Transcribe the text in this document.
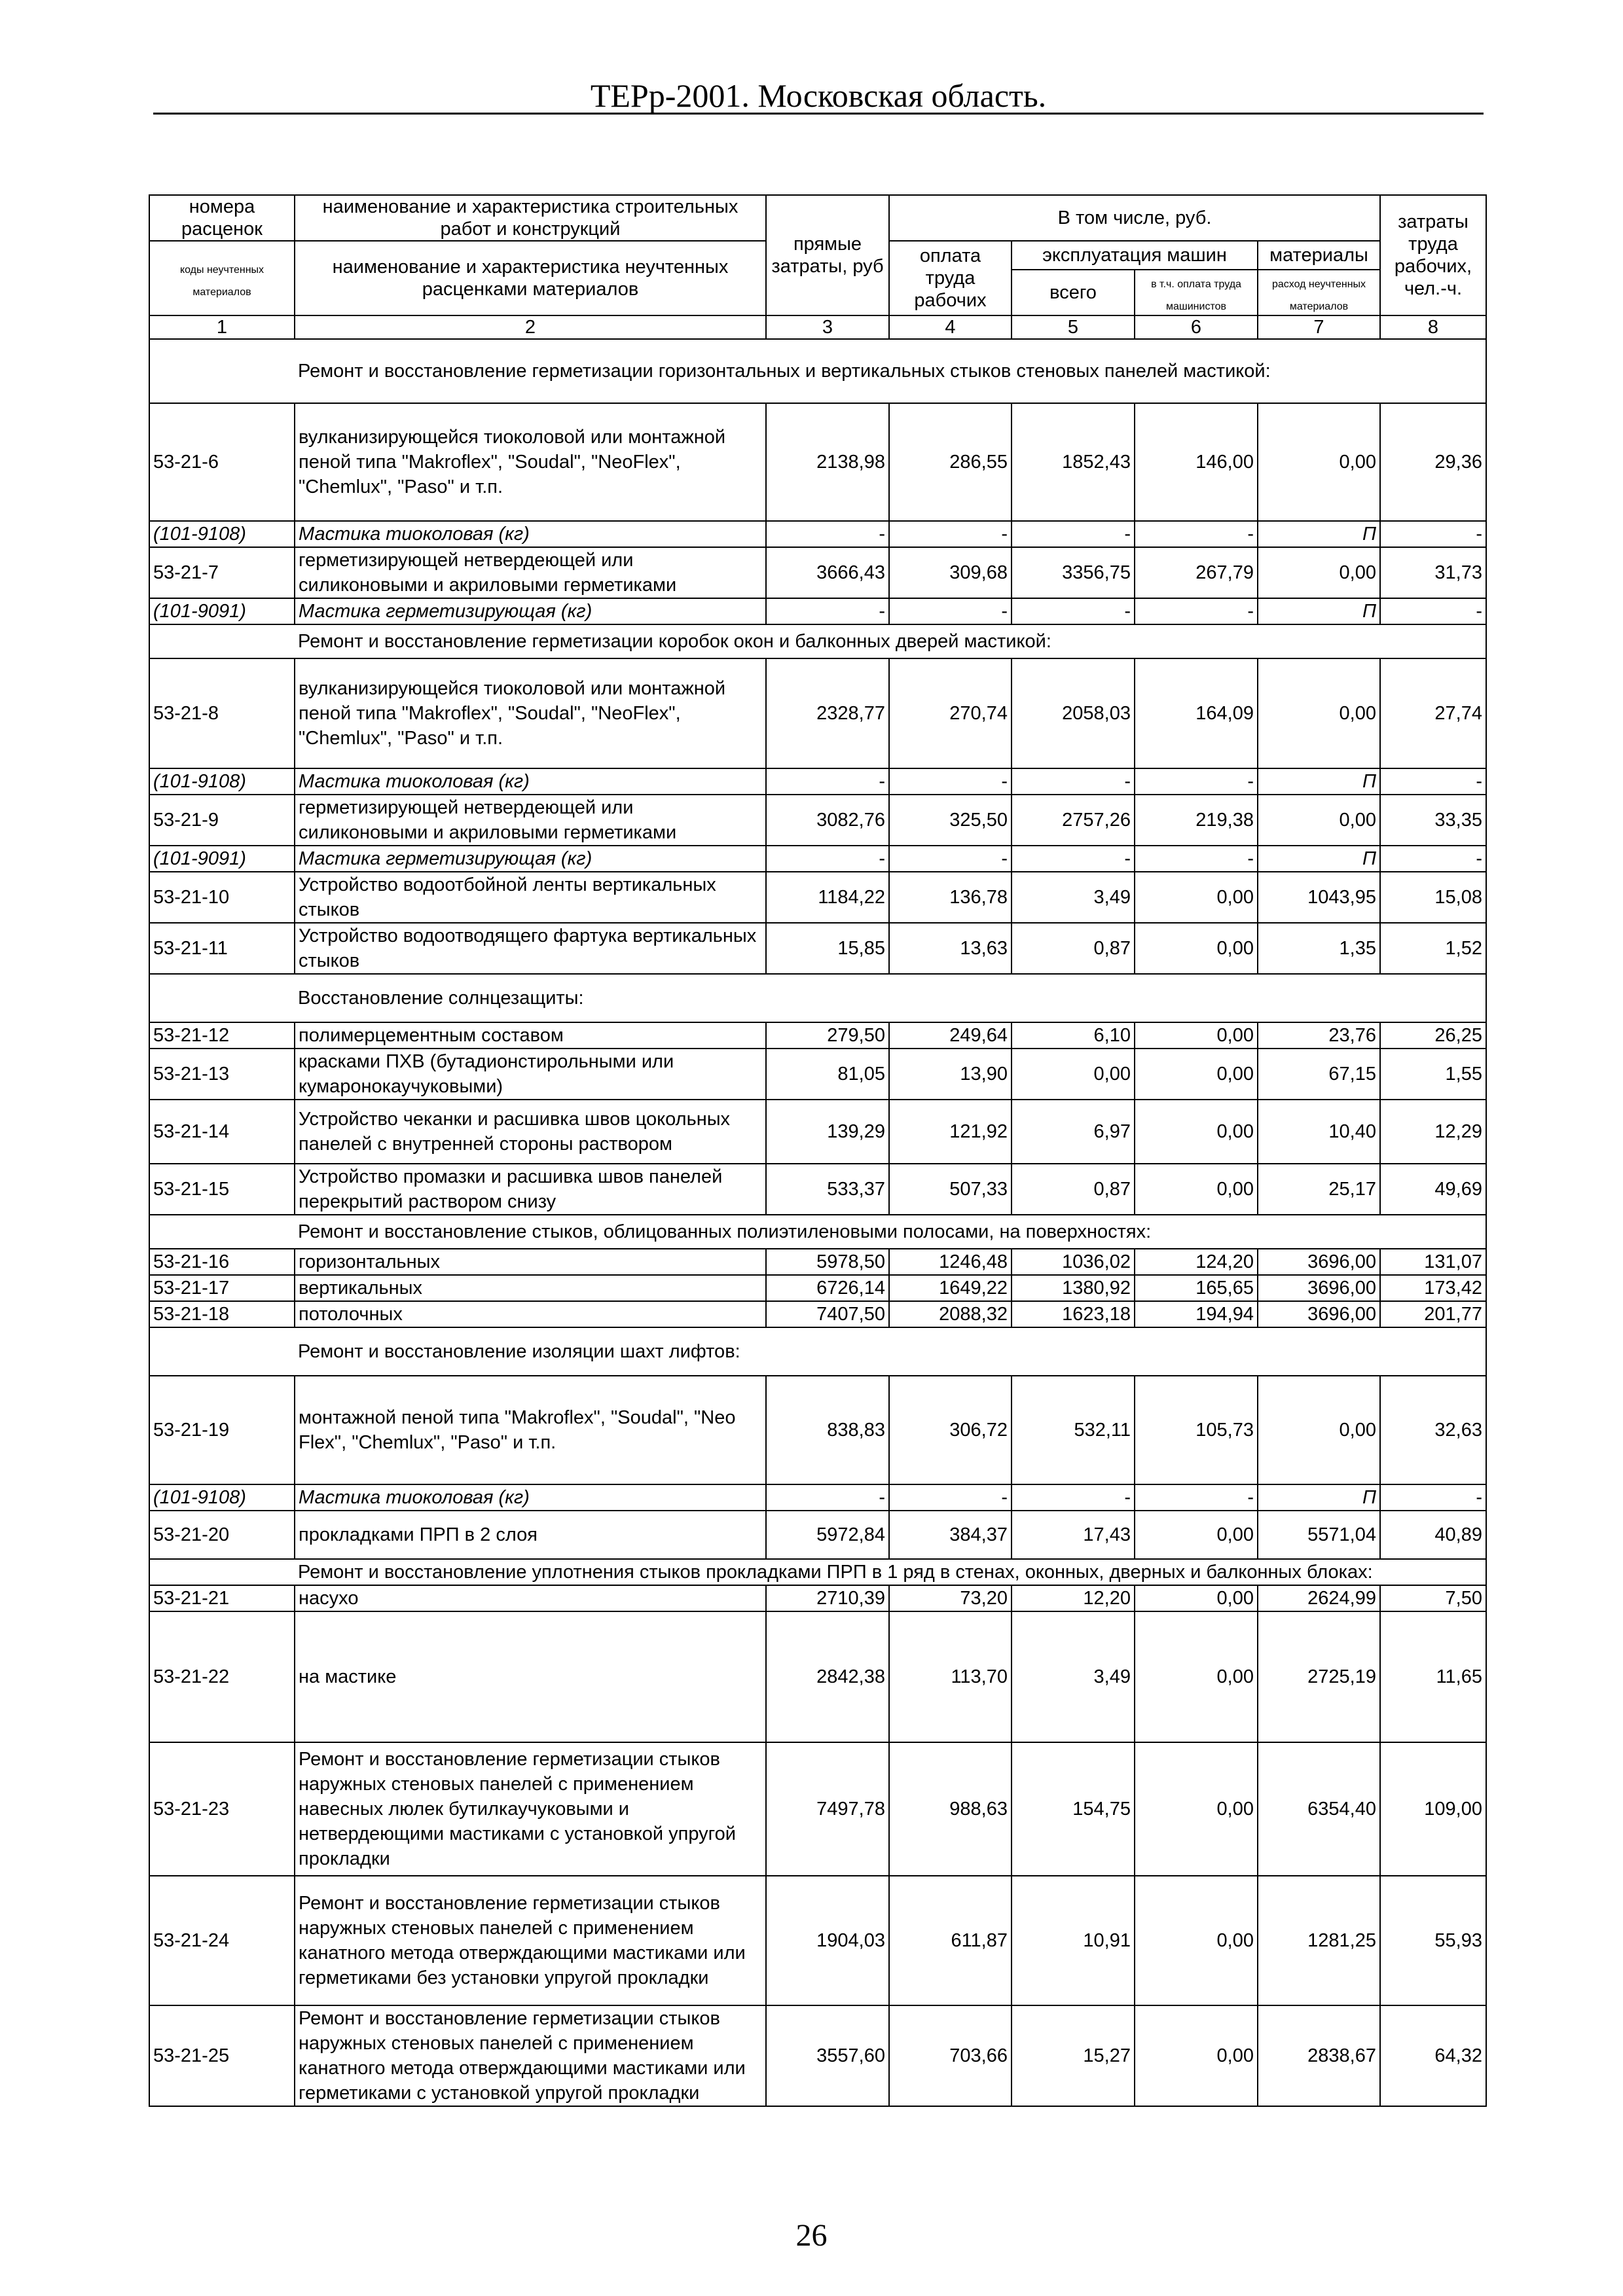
ТЕРр-2001. Московская область.
номера расценок	наименование и характеристика строительных работ и конструкций	прямые затраты, руб	В том числе, руб.				затраты труда рабочих, чел.-ч.
коды неучтенных материалов	наименование и характеристика неучтенных расценками материалов		оплата труда рабочих	эксплуатация машин		материалы	
				всего	в т.ч. оплата труда машинистов	расход неучтенных материалов	
1	2	3	4	5	6	7	8
	Ремонт и восстановление герметизации горизонтальных и вертикальных стыков стеновых панелей мастикой:						
53-21-6	вулканизирующейся тиоколовой или монтажной пеной типа "Makroflex", "Soudal", "NeoFlex", "Chemlux", "Paso" и т.п.	2138,98	286,55	1852,43	146,00	0,00	29,36
(101-9108)	Мастика тиоколовая (кг)	-	-	-	-	П	-
53-21-7	герметизирующей нетвердеющей или силиконовыми и акриловыми герметиками	3666,43	309,68	3356,75	267,79	0,00	31,73
(101-9091)	Мастика герметизирующая (кг)	-	-	-	-	П	-
	Ремонт и восстановление герметизации коробок окон и балконных дверей мастикой:						
53-21-8	вулканизирующейся тиоколовой или монтажной пеной типа "Makroflex", "Soudal", "NeoFlex", "Chemlux", "Paso" и т.п.	2328,77	270,74	2058,03	164,09	0,00	27,74
(101-9108)	Мастика тиоколовая (кг)	-	-	-	-	П	-
53-21-9	герметизирующей нетвердеющей или силиконовыми и акриловыми герметиками	3082,76	325,50	2757,26	219,38	0,00	33,35
(101-9091)	Мастика герметизирующая (кг)	-	-	-	-	П	-
53-21-10	Устройство водоотбойной ленты вертикальных стыков	1184,22	136,78	3,49	0,00	1043,95	15,08
53-21-11	Устройство водоотводящего фартука вертикальных стыков	15,85	13,63	0,87	0,00	1,35	1,52
	Восстановление солнцезащиты:						
53-21-12	полимерцементным составом	279,50	249,64	6,10	0,00	23,76	26,25
53-21-13	красками ПХВ (бутадионстирольными или кумаронокаучуковыми)	81,05	13,90	0,00	0,00	67,15	1,55
53-21-14	Устройство чеканки и расшивка швов цокольных панелей с внутренней стороны раствором	139,29	121,92	6,97	0,00	10,40	12,29
53-21-15	Устройство промазки и расшивка швов панелей перекрытий раствором снизу	533,37	507,33	0,87	0,00	25,17	49,69
	Ремонт и восстановление стыков, облицованных полиэтиленовыми полосами, на поверхностях:						
53-21-16	горизонтальных	5978,50	1246,48	1036,02	124,20	3696,00	131,07
53-21-17	вертикальных	6726,14	1649,22	1380,92	165,65	3696,00	173,42
53-21-18	потолочных	7407,50	2088,32	1623,18	194,94	3696,00	201,77
	Ремонт и восстановление изоляции шахт лифтов:						
53-21-19	монтажной пеной типа "Makroflex", "Soudal", "Neo Flex", "Chemlux", "Paso" и т.п.	838,83	306,72	532,11	105,73	0,00	32,63
(101-9108)	Мастика тиоколовая (кг)	-	-	-	-	П	-
53-21-20	прокладками ПРП в 2 слоя	5972,84	384,37	17,43	0,00	5571,04	40,89
	Ремонт и восстановление уплотнения стыков прокладками ПРП в 1 ряд в стенах, оконных, дверных и балконных блоках:						
53-21-21	насухо	2710,39	73,20	12,20	0,00	2624,99	7,50
53-21-22	на мастике	2842,38	113,70	3,49	0,00	2725,19	11,65
53-21-23	Ремонт и восстановление герметизации стыков наружных стеновых панелей с применением навесных люлек бутилкаучуковыми и нетвердеющими мастиками с установкой упругой прокладки	7497,78	988,63	154,75	0,00	6354,40	109,00
53-21-24	Ремонт и восстановление герметизации стыков наружных стеновых панелей с применением канатного метода отверждающими мастиками или герметиками без установки упругой прокладки	1904,03	611,87	10,91	0,00	1281,25	55,93
53-21-25	Ремонт и восстановление герметизации стыков наружных стеновых панелей с применением канатного метода отверждающими мастиками или герметиками с установкой упругой прокладки	3557,60	703,66	15,27	0,00	2838,67	64,32
26
